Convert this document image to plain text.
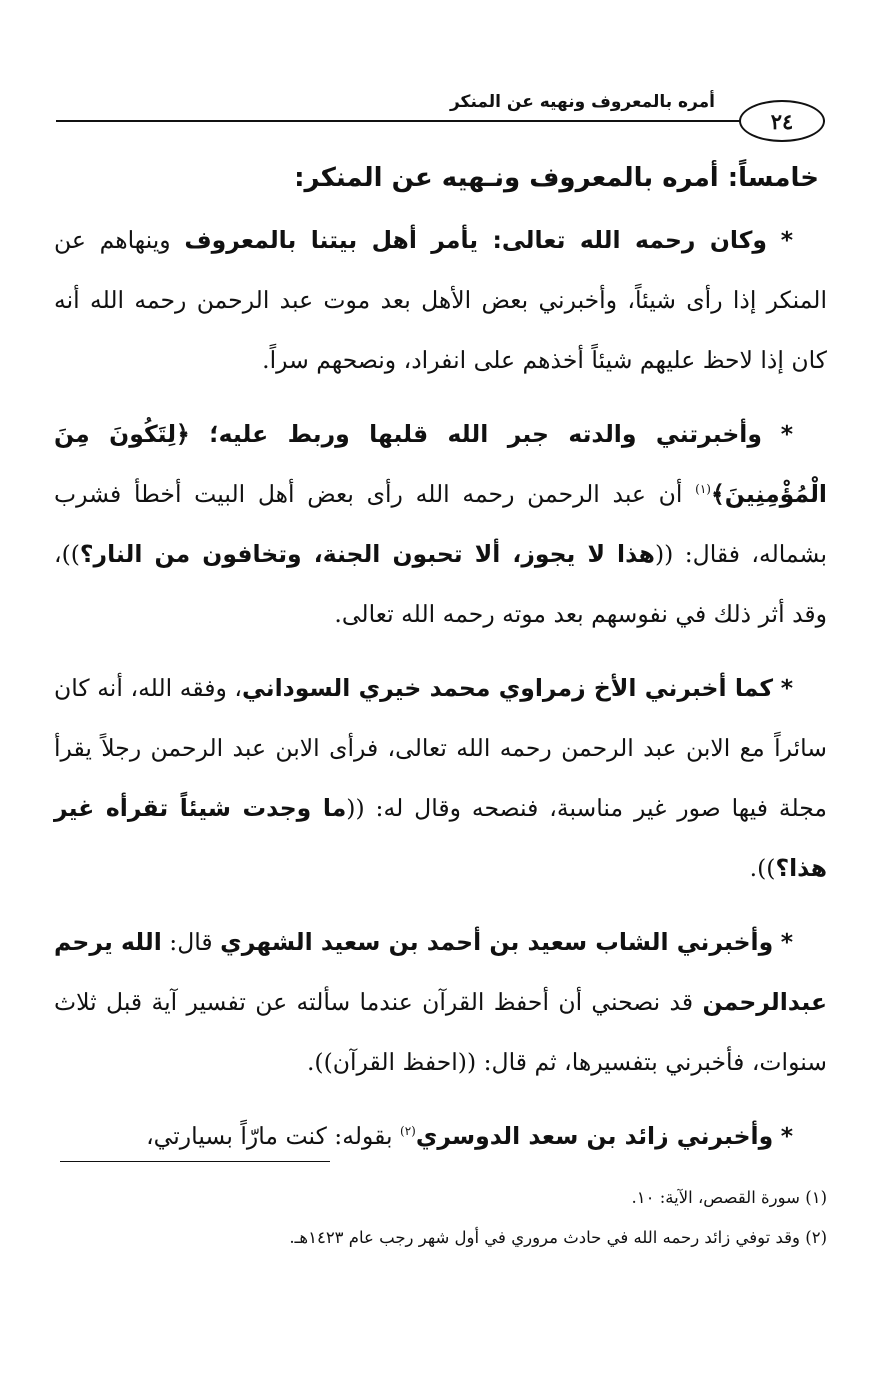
أمره بالمعروف ونهيه عن المنكر
٢٤

خامساً: أمره بالمعروف ونـهيه عن المنكر:

* وكان رحمه الله تعالى: يأمر أهل بيتنا بالمعروف وينهاهم عن المنكر إذا رأى شيئاً، وأخبرني بعض الأهل بعد موت عبد الرحمن رحمه الله أنه كان إذا لاحظ عليهم شيئاً أخذهم على انفراد، ونصحهم سراً.

* وأخبرتني والدته جبر الله قلبها وربط عليه؛ ﴿لِتَكُونَ مِنَ الْمُؤْمِنِينَ﴾$^{(١)}$ أن عبد الرحمن رحمه الله رأى بعض أهل البيت أخطأ فشرب بشماله، فقال: ((هذا لا يجوز، ألا تحبون الجنة، وتخافون من النار؟))، وقد أثر ذلك في نفوسهم بعد موته رحمه الله تعالى.

* كما أخبرني الأخ زمراوي محمد خيري السوداني، وفقه الله، أنه كان سائراً مع الابن عبد الرحمن رحمه الله تعالى، فرأى الابن عبد الرحمن رجلاً يقرأ مجلة فيها صور غير مناسبة، فنصحه وقال له: ((ما وجدت شيئاً تقرأه غير هذا؟)).

* وأخبرني الشاب سعيد بن أحمد بن سعيد الشهري قال: الله يرحم عبدالرحمن قد نصحني أن أحفظ القرآن عندما سألته عن تفسير آية قبل ثلاث سنوات، فأخبرني بتفسيرها، ثم قال: ((احفظ القرآن)).

* وأخبرني زائد بن سعد الدوسري$^{(٢)}$ بقوله: كنت مارّاً بسيارتي،

(١) سورة القصص، الآية: ١٠.
(٢) وقد توفي زائد رحمه الله في حادث مروري في أول شهر رجب عام ١٤٢٣هـ.
